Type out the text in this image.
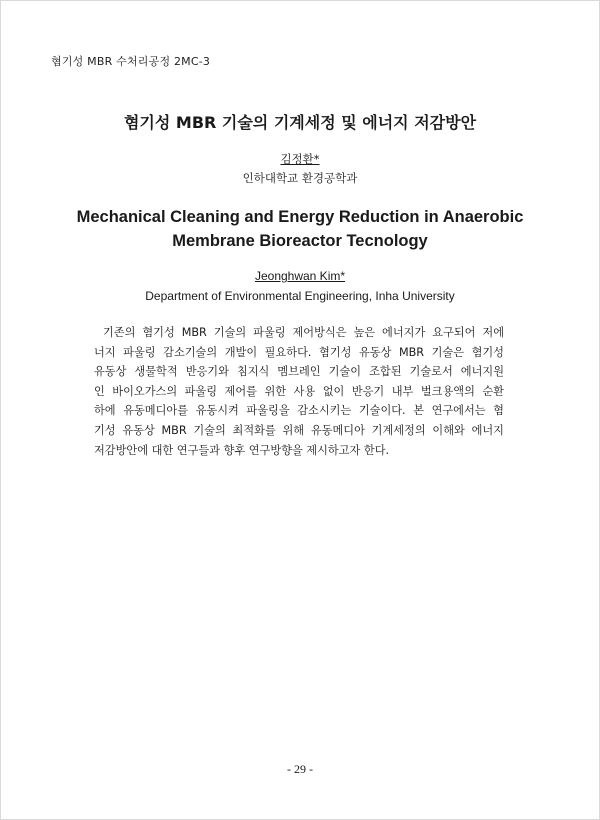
혐기성 MBR 수처리공정 2MC-3
혐기성 MBR 기술의 기계세정 및 에너지 저감방안
김정환*
인하대학교 환경공학과
Mechanical Cleaning and Energy Reduction in Anaerobic
Membrane Bioreactor Tecnology
Jeonghwan Kim*
Department of Environmental Engineering, Inha University
기존의 혐기성 MBR 기술의 파울링 제어방식은 높은 에너지가 요구되어 저에
너지 파울링 감소기술의 개발이 필요하다. 혐기성 유동상 MBR 기술은 혐기성
유동상 생물학적 반응기와 침지식 멤브레인 기술이 조합된 기술로서 에너지원
인 바이오가스의 파울링 제어를 위한 사용 없이 반응기 내부 벌크용액의 순환
하에 유동메디아를 유동시켜 파울링을 감소시키는 기술이다. 본 연구에서는 혐
기성 유동상 MBR 기술의 최적화를 위해 유동메디아 기계세정의 이해와 에너지
저감방안에 대한 연구들과 향후 연구방향을 제시하고자 한다.
- 29 -
